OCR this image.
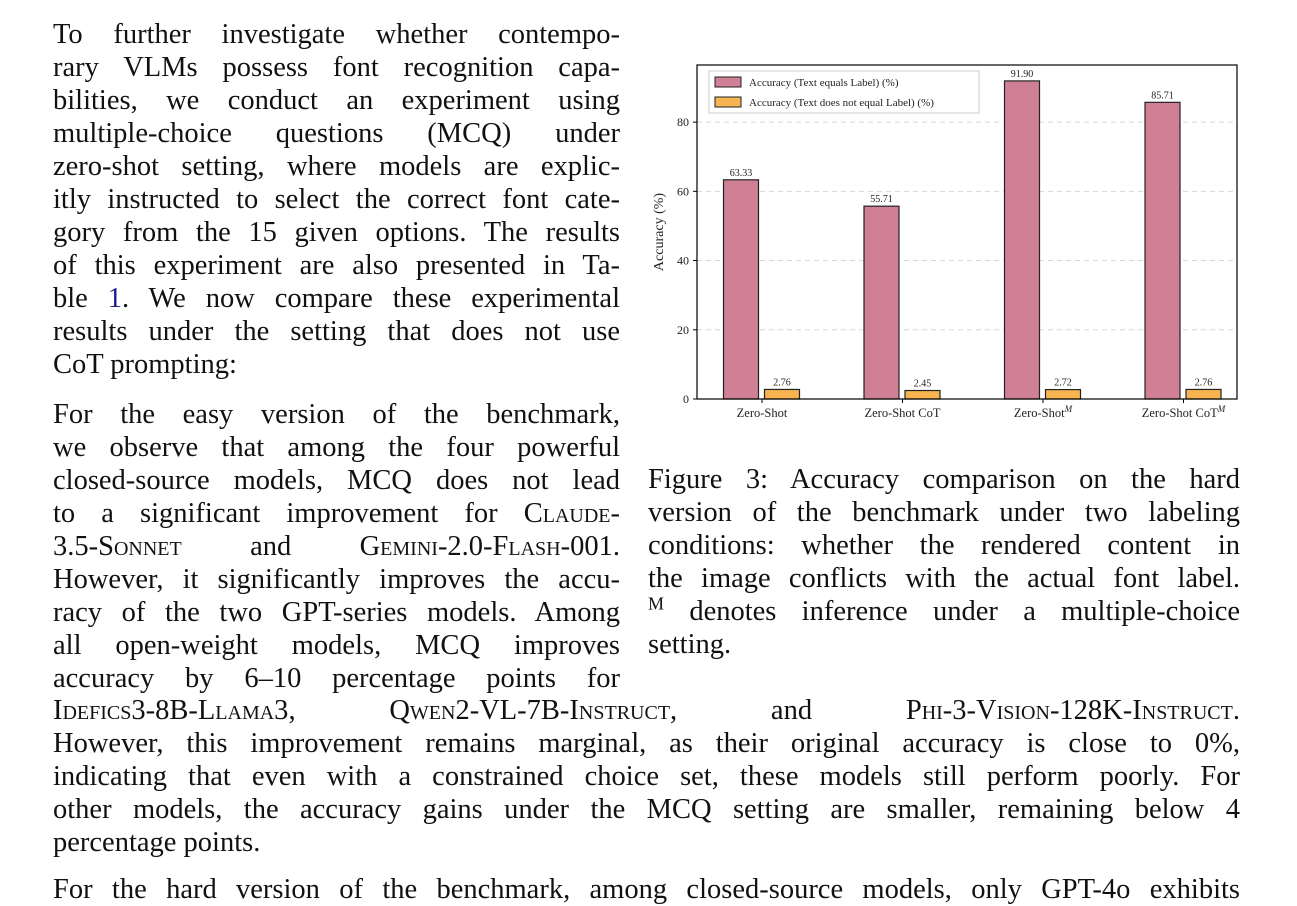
To further investigate whether contempo-
rary VLMs possess font recognition capa-
bilities, we conduct an experiment using
multiple-choice questions (MCQ) under
zero-shot setting, where models are explic-
itly instructed to select the correct font cate-
gory from the 15 given options. The results
of this experiment are also presented in Ta-
ble 1. We now compare these experimental
results under the setting that does not use
CoT prompting:
For the easy version of the benchmark,
we observe that among the four powerful
closed-source models, MCQ does not lead
to a significant improvement for Claude-
3.5-Sonnet and Gemini-2.0-Flash-001.
However, it significantly improves the accu-
racy of the two GPT-series models. Among
all open-weight models, MCQ improves
accuracy by 6–10 percentage points for
Idefics3-8B-Llama3, Qwen2-VL-7B-Instruct, and Phi-3-Vision-128K-Instruct.
However, this improvement remains marginal, as their original accuracy is close to 0%,
indicating that even with a constrained choice set, these models still perform poorly. For
other models, the accuracy gains under the MCQ setting are smaller, remaining below 4
percentage points.
For the hard version of the benchmark, among closed-source models, only GPT-4o exhibits
Figure 3: Accuracy comparison on the hard
version of the benchmark under two labeling
conditions: whether the rendered content in
the image conflicts with the actual font label.
$^M$ denotes inference under a multiple-choice
setting.
0
20
40
60
80
Accuracy (%)
63.33
55.71
91.90
85.71
2.76	2.45	2.72	2.76
Zero-Shot	Zero-Shot CoT	Zero-Shot$^M$	Zero-Shot CoT$^M$
Accuracy (Text equals Label) (%)
Accuracy (Text does not equal Label) (%)
